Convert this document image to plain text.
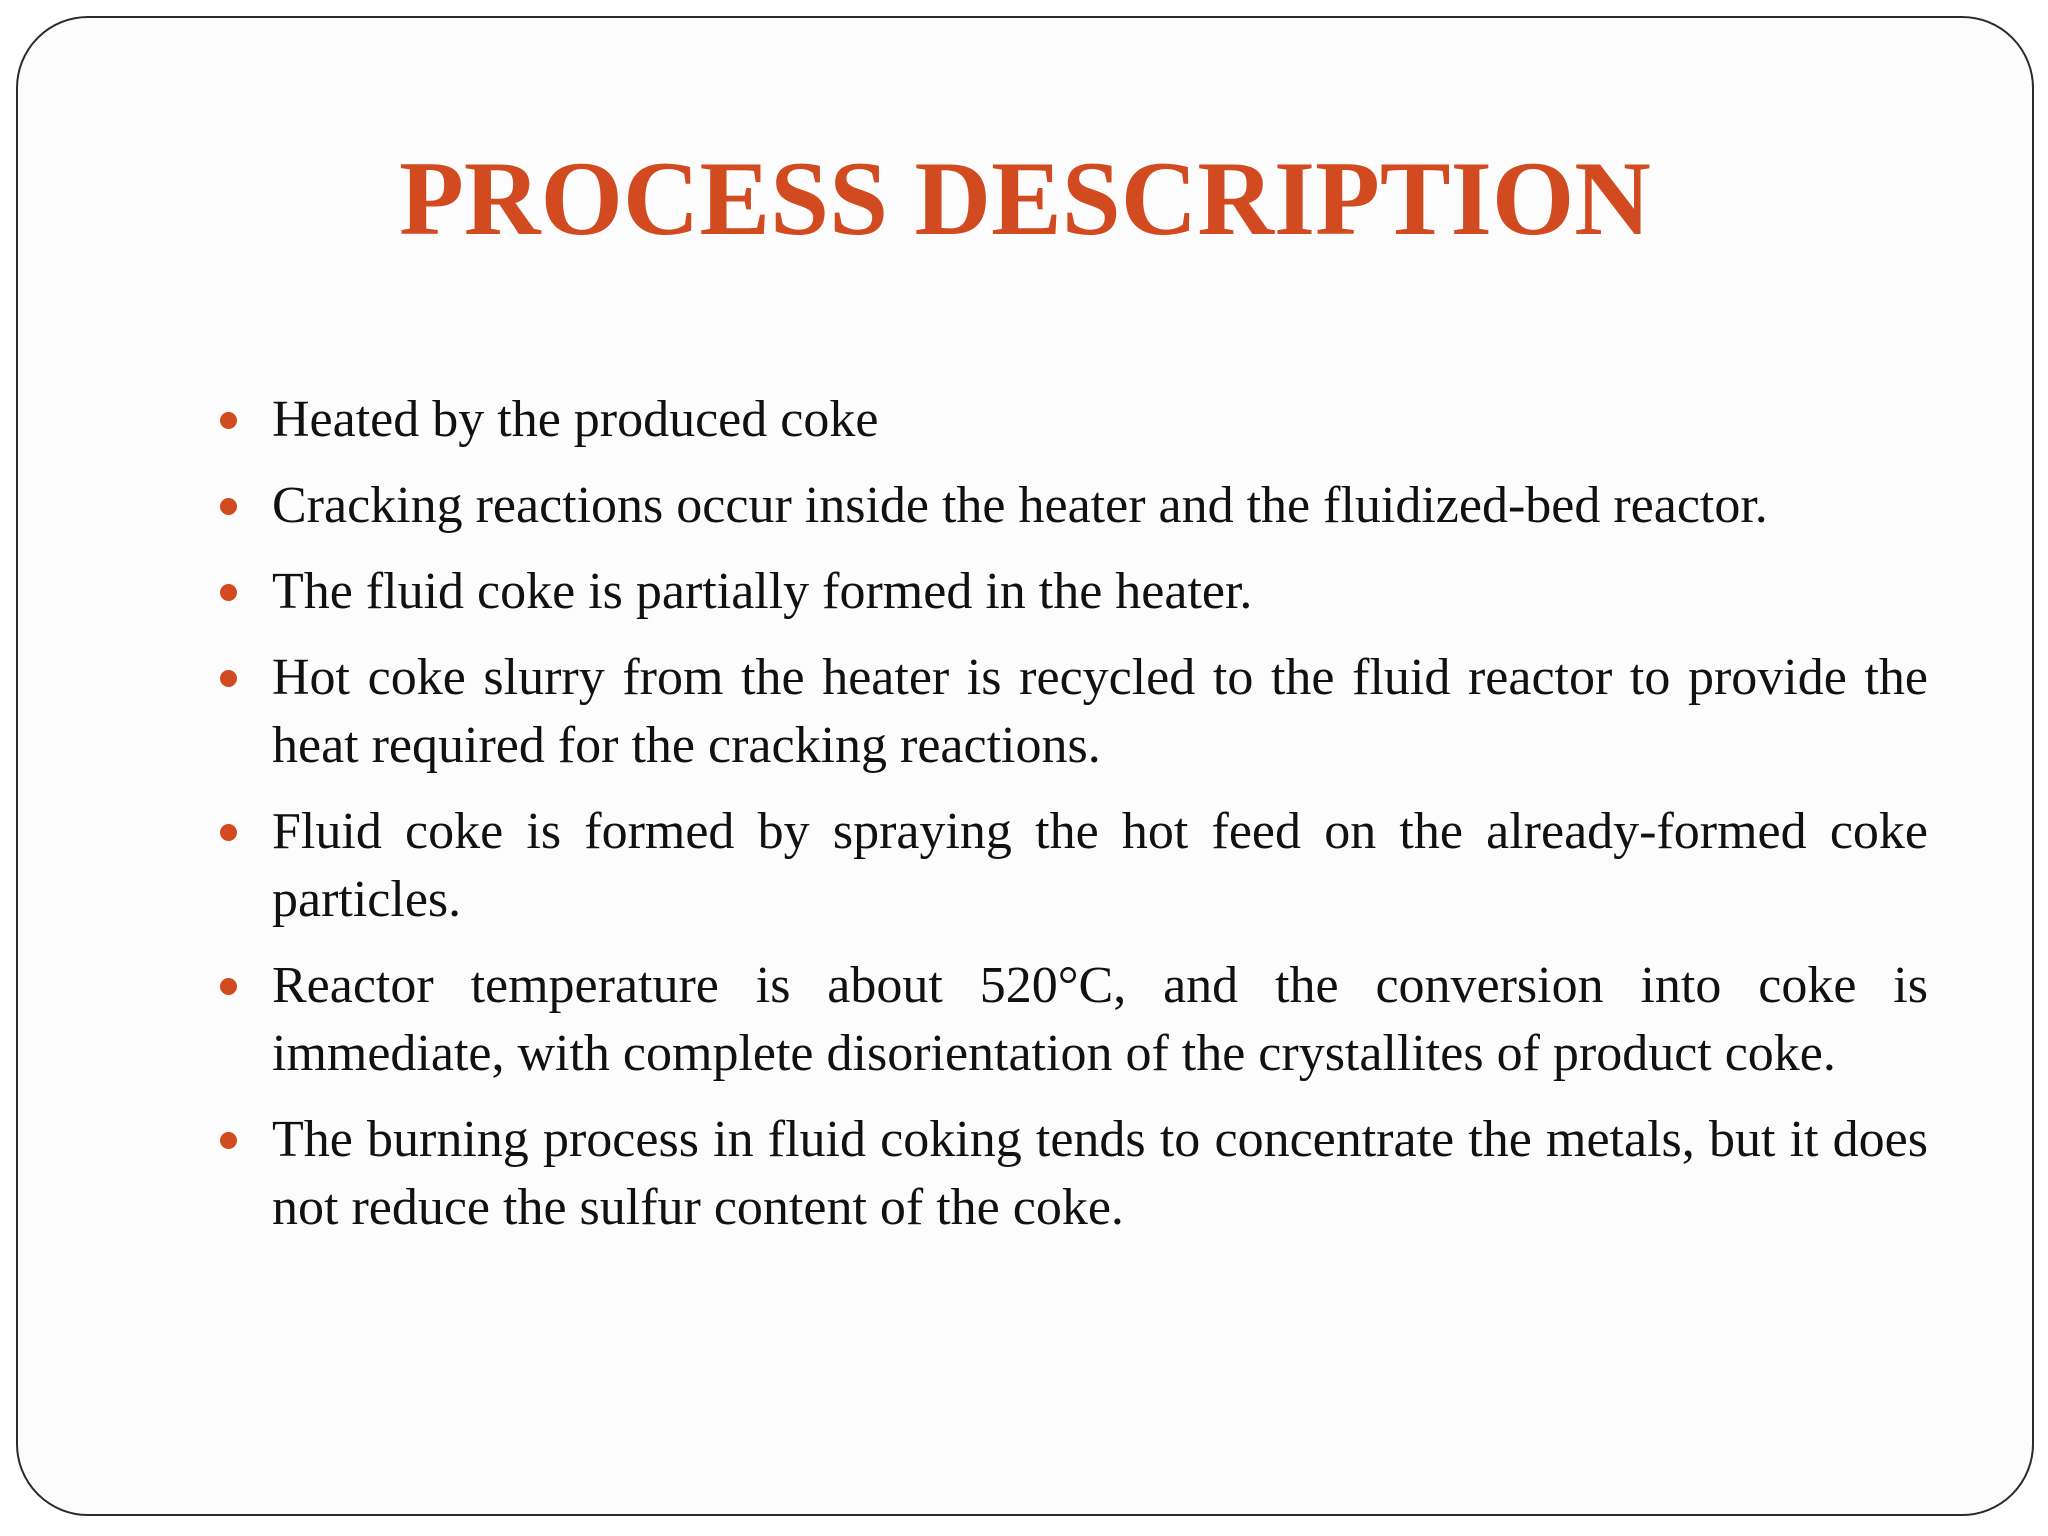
PROCESS DESCRIPTION
Heated by the produced coke
Cracking reactions occur inside the heater and the fluidized-bed reactor.
The fluid coke is partially formed in the heater.
Hot coke slurry from the heater is recycled to the fluid reactor to provide the heat required for the cracking reactions.
Fluid coke is formed by spraying the hot feed on the already-formed coke particles.
Reactor temperature is about 520°C, and the conversion into coke is immediate, with complete disorientation of the crystallites of product coke.
The burning process in fluid coking tends to concentrate the metals, but it does not reduce the sulfur content of the coke.
